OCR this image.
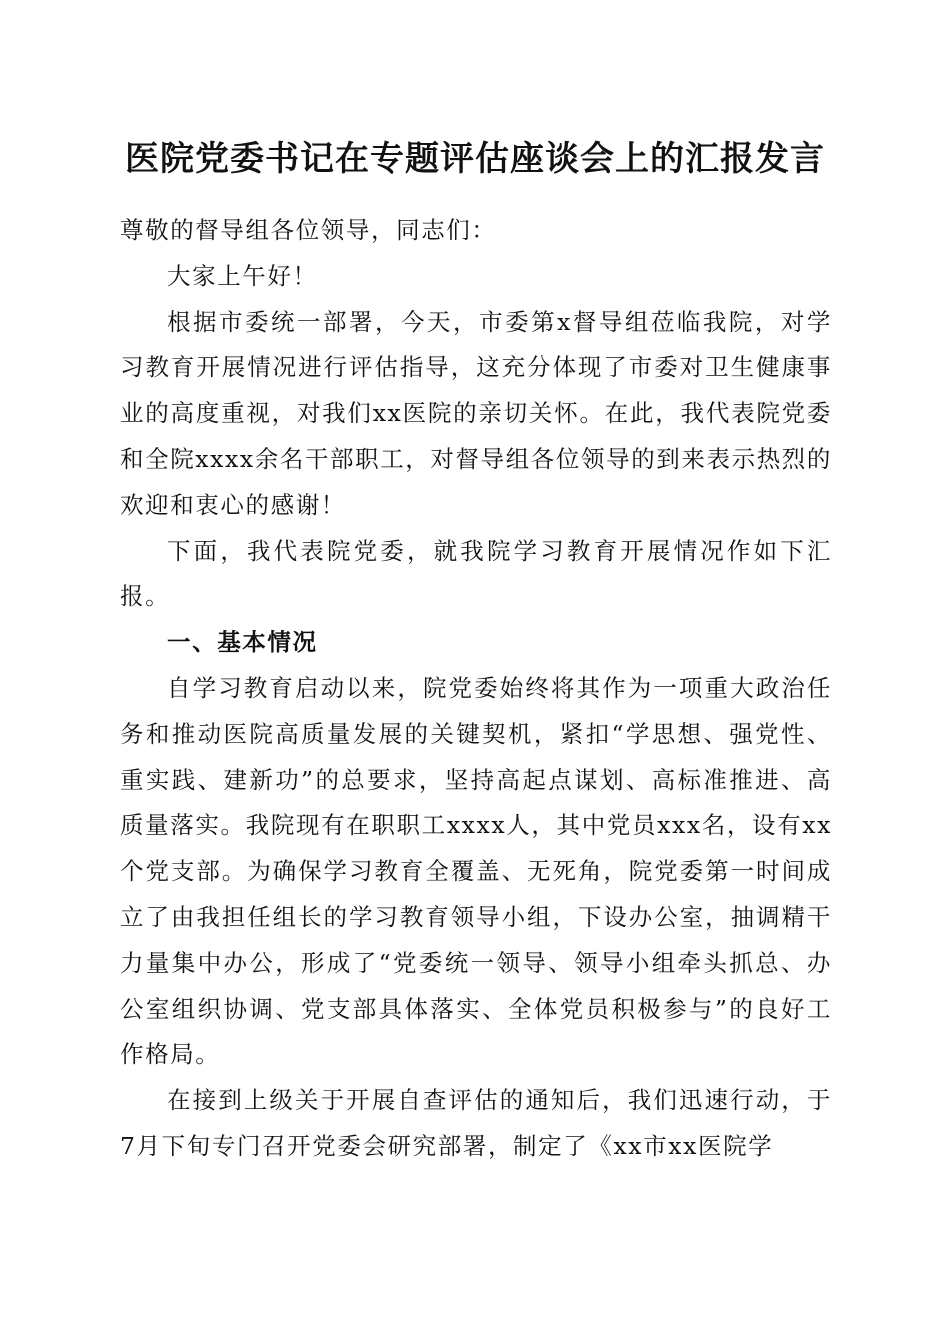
医院党委书记在专题评估座谈会上的汇报发言

尊敬的督导组各位领导，同志们：

大家上午好！

根据市委统一部署，今天，市委第x督导组莅临我院，对学习教育开展情况进行评估指导，这充分体现了市委对卫生健康事业的高度重视，对我们xx医院的亲切关怀。在此，我代表院党委和全院xxxx余名干部职工，对督导组各位领导的到来表示热烈的欢迎和衷心的感谢！

下面，我代表院党委，就我院学习教育开展情况作如下汇报。

一、基本情况

自学习教育启动以来，院党委始终将其作为一项重大政治任务和推动医院高质量发展的关键契机，紧扣“学思想、强党性、重实践、建新功”的总要求，坚持高起点谋划、高标准推进、高质量落实。我院现有在职职工xxxx人，其中党员xxx名，设有xx个党支部。为确保学习教育全覆盖、无死角，院党委第一时间成立了由我担任组长的学习教育领导小组，下设办公室，抽调精干力量集中办公，形成了“党委统一领导、领导小组牵头抓总、办公室组织协调、党支部具体落实、全体党员积极参与”的良好工作格局。

在接到上级关于开展自查评估的通知后，我们迅速行动，于7月下旬专门召开党委会研究部署，制定了《xx市xx医院学
